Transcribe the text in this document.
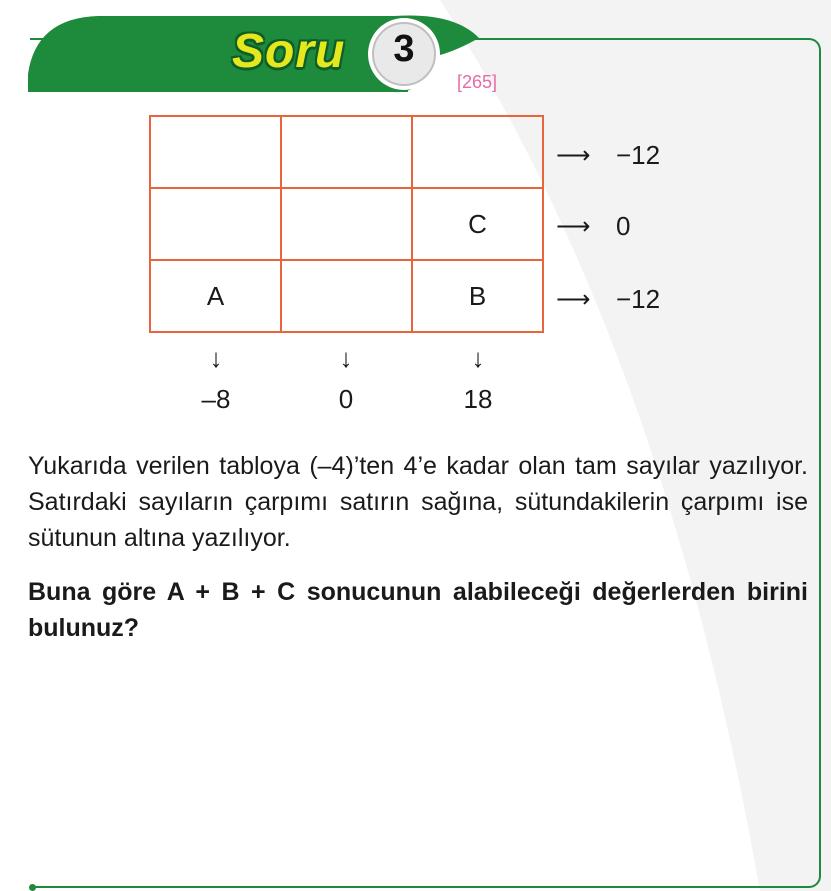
Soru	3
[265]

		C
A		B
⟶ −12
⟶ 0
⟶ −12
↓
–8
↓
0
↓
18
Yukarıda verilen tabloya (–4)’ten 4’e kadar olan tam sayılar yazılıyor. Satırdaki sayıların çarpımı satırın sağına, sütundakilerin çarpımı ise sütunun altına yazılıyor.
Buna göre A + B + C sonucunun alabileceği değerlerden birini bulunuz?
